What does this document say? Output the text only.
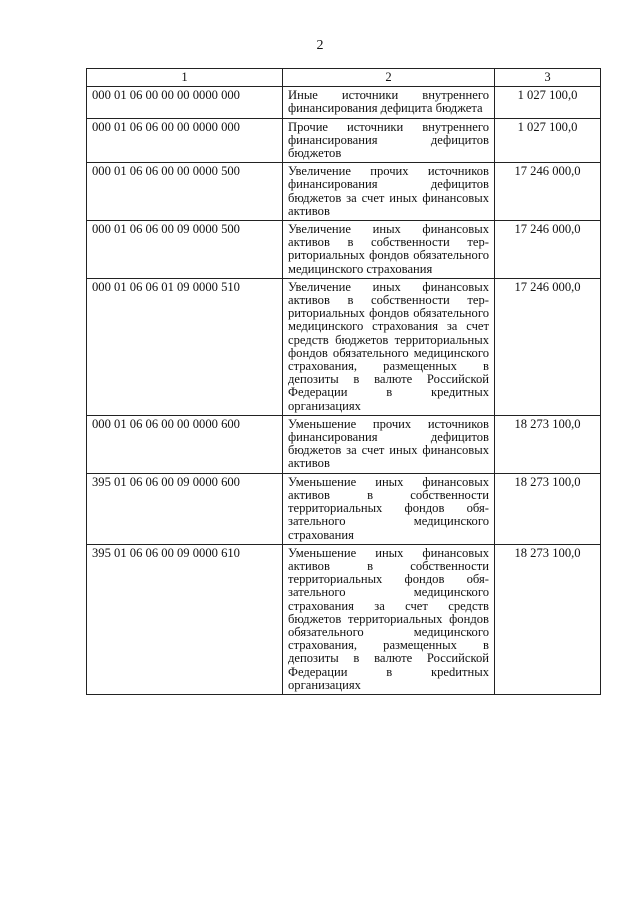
2
1	2	3
000 01 06 00 00 00 0000 000	Иные источники внутреннего финансирования дефицита бюджета	1 027 100,0
000 01 06 06 00 00 0000 000	Прочие источники внутреннего финансирования дефицитов бюджетов	1 027 100,0
000 01 06 06 00 00 0000 500	Увеличение прочих источников финансирования дефицитов бюджетов за счет иных финансовых активов	17 246 000,0
000 01 06 06 00 09 0000 500	Увеличение иных финансовых активов в собственности территориальных фондов обязательного медицинского страхования	17 246 000,0
000 01 06 06 01 09 0000 510	Увеличение иных финансовых активов в собственности территориальных фондов обязательного медицинского страхования за счет средств бюджетов территориальных фондов обязательного медицинского страхования, размещенных в депозиты в валюте Российской Федерации в кредитных организациях	17 246 000,0
000 01 06 06 00 00 0000 600	Уменьшение прочих источников финансирования дефицитов бюджетов за счет иных финансовых активов	18 273 100,0
395 01 06 06 00 09 0000 600	Уменьшение иных финансовых активов в собственности территориальных фондов обязательного медицинского страхования	18 273 100,0
395 01 06 06 00 09 0000 610	Уменьшение иных финансовых активов в собственности территориальных фондов обязательного медицинского страхования за счет средств бюджетов территориальных фондов обязательного медицинского страхования, размещенных в депозиты в валюте Российской Федерации в креdитных организациях	18 273 100,0
